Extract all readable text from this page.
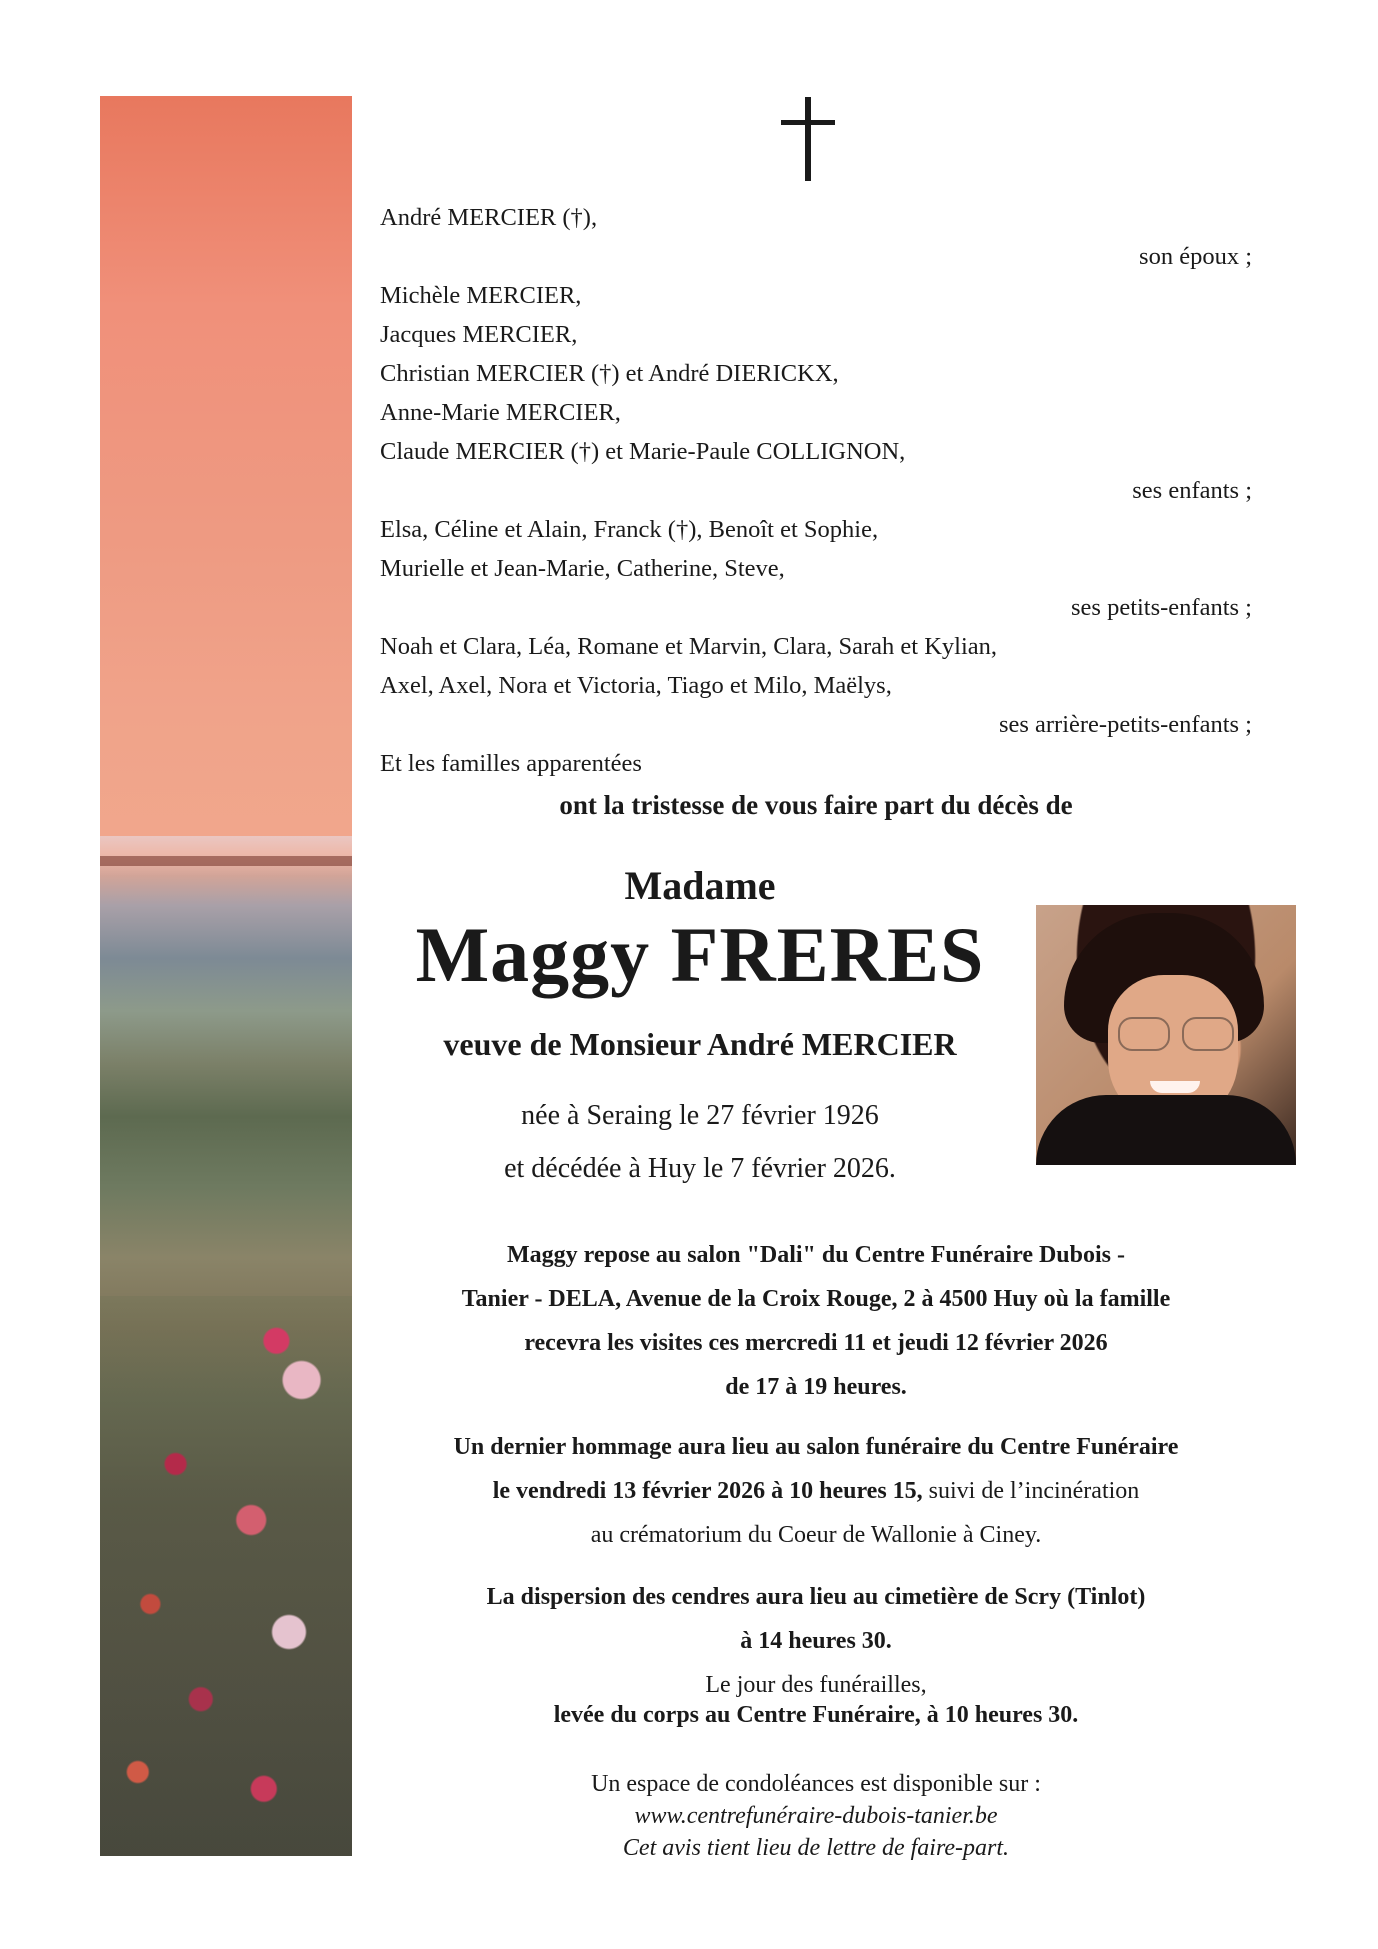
André MERCIER (†),
son époux ;
Michèle MERCIER,
Jacques MERCIER,
Christian MERCIER (†) et André DIERICKX,
Anne-Marie MERCIER,
Claude MERCIER (†) et Marie-Paule COLLIGNON,
ses enfants ;
Elsa, Céline et Alain, Franck (†), Benoît et Sophie,
Murielle et Jean-Marie, Catherine, Steve,
ses petits-enfants ;
Noah et Clara, Léa, Romane et Marvin, Clara, Sarah et Kylian,
Axel, Axel, Nora et Victoria, Tiago et Milo, Maëlys,
ses arrière-petits-enfants ;
Et les familles apparentées
ont la tristesse de vous faire part du décès de
Madame
Maggy FRERES
veuve de Monsieur André MERCIER
née à Seraing le 27 février 1926
et décédée à Huy le 7 février 2026.
Maggy repose au salon "Dali" du Centre Funéraire Dubois -
Tanier - DELA, Avenue de la Croix Rouge, 2 à 4500 Huy où la famille
recevra les visites ces mercredi 11 et jeudi 12 février 2026
de 17 à 19 heures.
Un dernier hommage aura lieu au salon funéraire du Centre Funéraire
le vendredi 13 février 2026 à 10 heures 15, suivi de l’incinération
au crématorium du Coeur de Wallonie à Ciney.
La dispersion des cendres aura lieu au cimetière de Scry (Tinlot)
à 14 heures 30.
Le jour des funérailles,
levée du corps au Centre Funéraire, à 10 heures 30.
Un espace de condoléances est disponible sur :
www.centrefunéraire-dubois-tanier.be
Cet avis tient lieu de lettre de faire-part.
